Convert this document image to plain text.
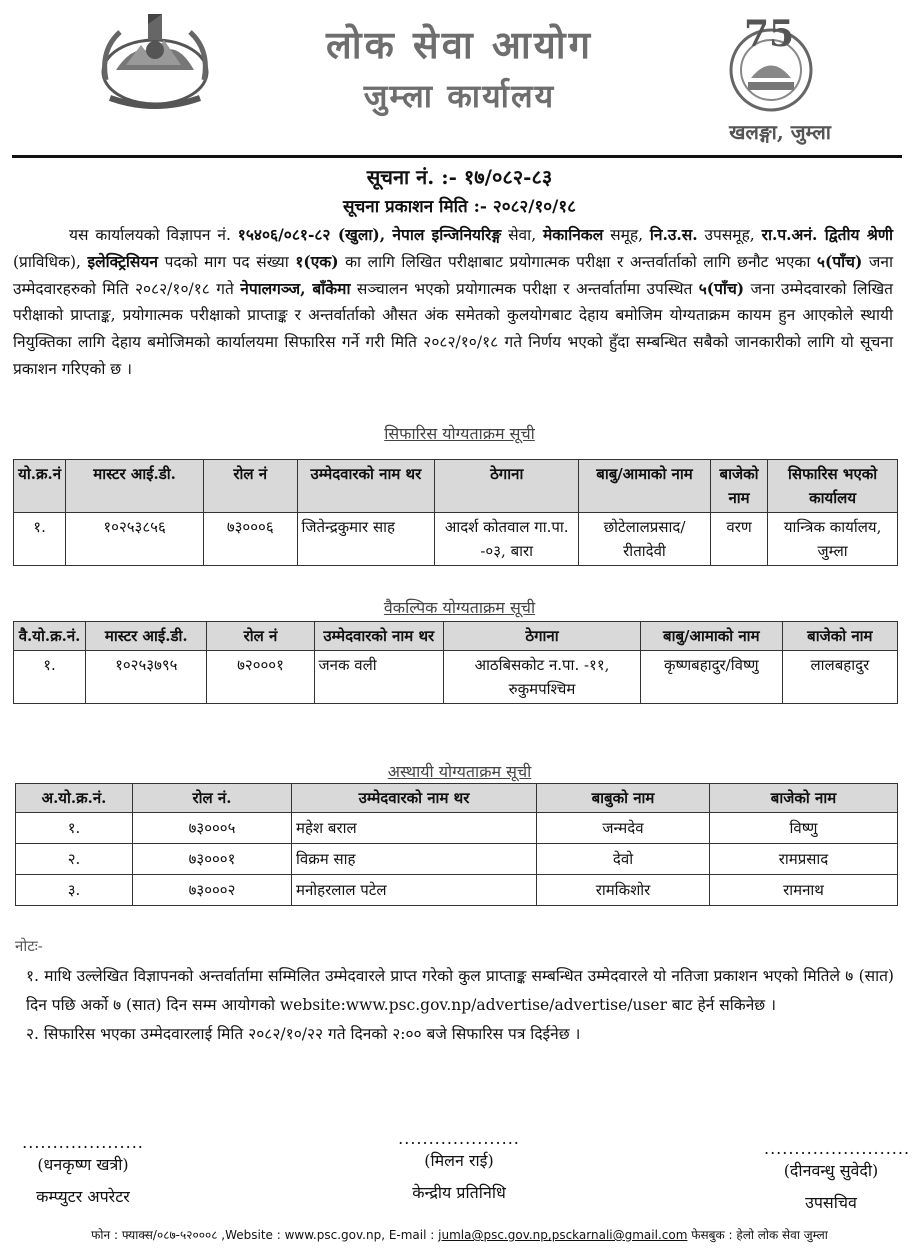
लोक सेवा आयोग
जुम्ला कार्यालय
75
खलङ्गा, जुम्ला
सूचना नं. :- १७/०८२-८३
सूचना प्रकाशन मिति :- २०८२/१०/१८

यस कार्यालयको विज्ञापन नं. १५४०६/०८१-८२ (खुला), नेपाल इन्जिनियरिङ्ग सेवा, मेकानिकल समूह, नि.उ.स. उपसमूह, रा.प.अनं. द्वितीय श्रेणी (प्राविधिक), इलेक्ट्रिसियन पदको माग पद संख्या १(एक) का लागि लिखित परीक्षाबाट प्रयोगात्मक परीक्षा र अन्तर्वार्ताको लागि छनौट भएका ५(पाँच) जना उम्मेदवारहरुको मिति २०८२/१०/१८ गते नेपालगञ्ज, बाँकेमा सञ्चालन भएको प्रयोगात्मक परीक्षा र अन्तर्वार्तामा उपस्थित ५(पाँच) जना उम्मेदवारको लिखित परीक्षाको प्राप्ताङ्क, प्रयोगात्मक परीक्षाको प्राप्ताङ्क र अन्तर्वार्ताको औसत अंक समेतको कुलयोगबाट देहाय बमोजिम योग्यताक्रम कायम हुन आएकोले स्थायी नियुक्तिका लागि देहाय बमोजिमको कार्यालयमा सिफारिस गर्ने गरी मिति २०८२/१०/१८ गते निर्णय भएको हुँदा सम्बन्धित सबैको जानकारीको लागि यो सूचना प्रकाशन गरिएको छ ।

सिफारिस योग्यताक्रम सूची
यो.क्र.नं	मास्टर आई.डी.	रोल नं	उम्मेदवारको नाम थर	ठेगाना	बाबु/आमाको नाम	बाजेको नाम	सिफारिस भएको कार्यालय
१.	१०२५३८५६	७३०००६	जितेन्द्रकुमार साह	आदर्श कोतवाल गा.पा. -०३, बारा	छोटेलालप्रसाद/ रीतादेवी	वरण	यान्त्रिक कार्यालय, जुम्ला
वैकल्पिक योग्यताक्रम सूची
वै.यो.क्र.नं.	मास्टर आई.डी.	रोल नं	उम्मेदवारको नाम थर	ठेगाना	बाबु/आमाको नाम	बाजेको नाम
१.	१०२५३७९५	७२०००१	जनक वली	आठबिसकोट न.पा. -११, रुकुमपश्चिम	कृष्णबहादुर/विष्णु	लालबहादुर
अस्थायी योग्यताक्रम सूची
अ.यो.क्र.नं.	रोल नं.	उम्मेदवारको नाम थर	बाबुको नाम	बाजेको नाम
१.	७३०००५	महेश बराल	जन्मदेव	विष्णु
२.	७३०००१	विक्रम साह	देवो	रामप्रसाद
३.	७३०००२	मनोहरलाल पटेल	रामकिशोर	रामनाथ
नोटः-

१. माथि उल्लेखित विज्ञापनको अन्तर्वार्तामा सम्मिलित उम्मेदवारले प्राप्त गरेको कुल प्राप्ताङ्क सम्बन्धित उम्मेदवारले यो नतिजा प्रकाशन भएको मितिले ७ (सात) दिन पछि अर्को ७ (सात) दिन सम्म आयोगको website:www.psc.gov.np/advertise/advertise/user बाट हेर्न सकिनेछ ।

२. सिफारिस भएका उम्मेदवारलाई मिति २०८२/१०/२२ गते दिनको २:०० बजे सिफारिस पत्र दिईनेछ ।

....................
(धनकृष्ण खत्री)
कम्प्युटर अपरेटर
....................
(मिलन राई)
केन्द्रीय प्रतिनिधि
........................
(दीनवन्धु सुवेदी)
उपसचिव
फोन : फ्याक्स/०८७-५२०००८ ,Website : www.psc.gov.np, E-mail : jumla@psc.gov.np,psckarnali@gmail.com फेसबुक : हेलो लोक सेवा जुम्ला
